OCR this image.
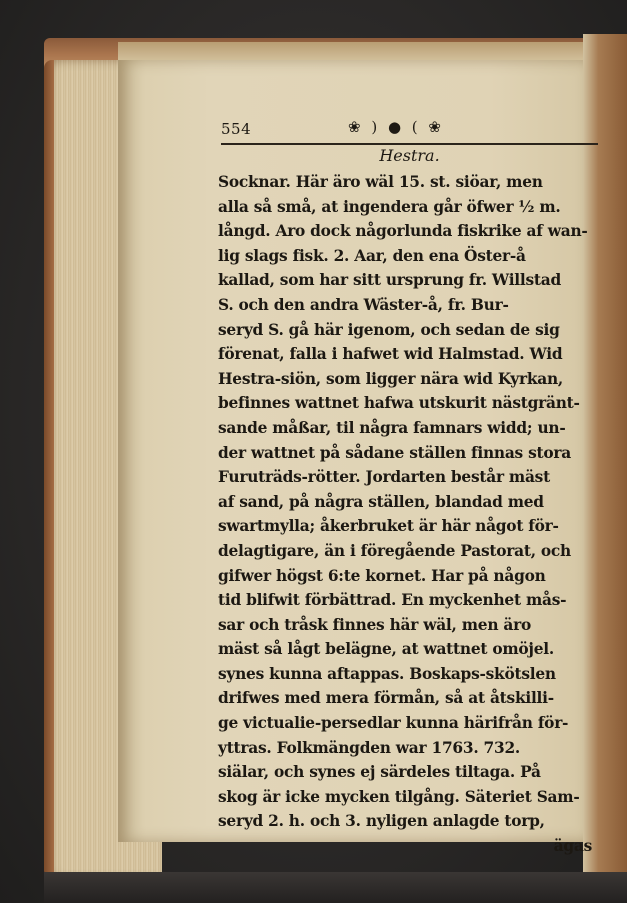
554	❀ ) ● ( ❀
Hestra.
Socknar. Här äro wäl 15. st. siöar, men
alla så små, at ingendera går öfwer ½ m.
långd. Aro dock någorlunda fiskrike af wan-
lig slags fisk. 2. Aar, den ena Öster-å
kallad, som har sitt ursprung fr. Willstad
S. och den andra Wäster-å, fr. Bur-
seryd S. gå här igenom, och sedan de sig
förenat, falla i hafwet wid Halmstad. Wid
Hestra-siön, som ligger nära wid Kyrkan,
befinnes wattnet hafwa utskurit nästgränt-
sande måßar, til några famnars widd; un-
der wattnet på sådane ställen finnas stora
Furuträds-rötter. Jordarten består mäst
af sand, på några ställen, blandad med
swartmylla; åkerbruket är här något för-
delagtigare, än i föregående Pastorat, och
gifwer högst 6:te kornet. Har på någon
tid blifwit förbättrad. En myckenhet mås-
sar och tråsk finnes här wäl, men äro
mäst så lågt belägne, at wattnet omöjel.
synes kunna aftappas. Boskaps-skötslen
drifwes med mera förmån, så at åtskilli-
ge victualie-persedlar kunna härifrån för-
yttras. Folkmängden war 1763. 732.
siälar, och synes ej särdeles tiltaga. På
skog är icke mycken tilgång. Säteriet Sam-
seryd 2. h. och 3. nyligen anlagde torp,
ägas
